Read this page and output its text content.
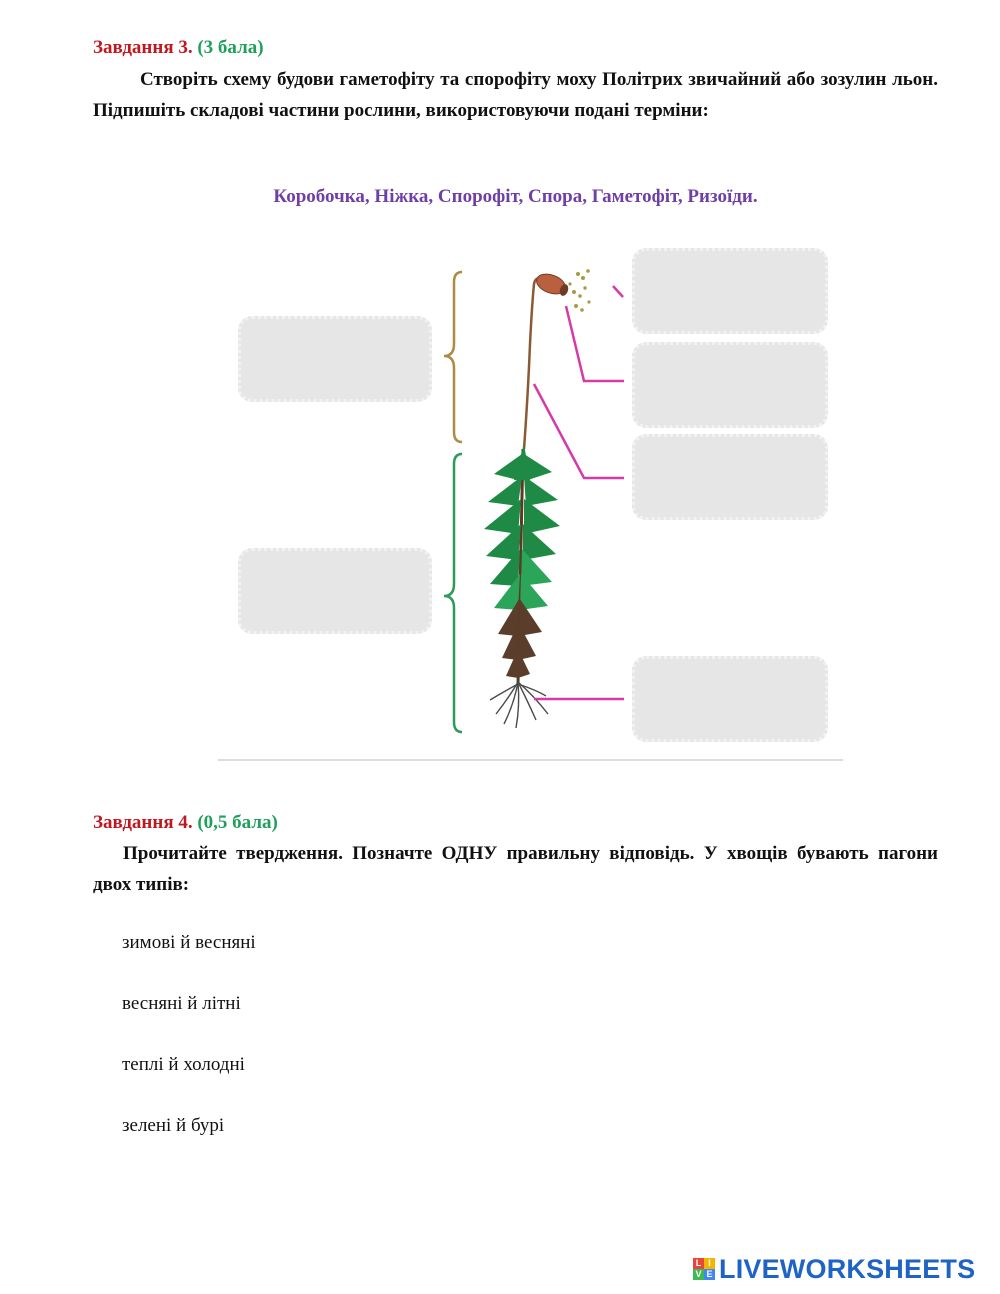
Завдання 3. (3 бала)
Створіть схему будови гаметофіту та спорофіту моху Політрих звичайний або зозулин льон. Підпишіть складові частини рослини, використовуючи подані терміни:
Коробочка, Ніжка, Спорофіт, Спора, Гаметофіт, Ризоїди.
Завдання 4. (0,5 бала)
Прочитайте твердження. Позначте ОДНУ правильну відповідь. У хвощів бувають пагони двох типів:
зимові й весняні
весняні й літні
теплі й холодні
зелені й бурі
L I
V E LIVEWORKSHEETS
